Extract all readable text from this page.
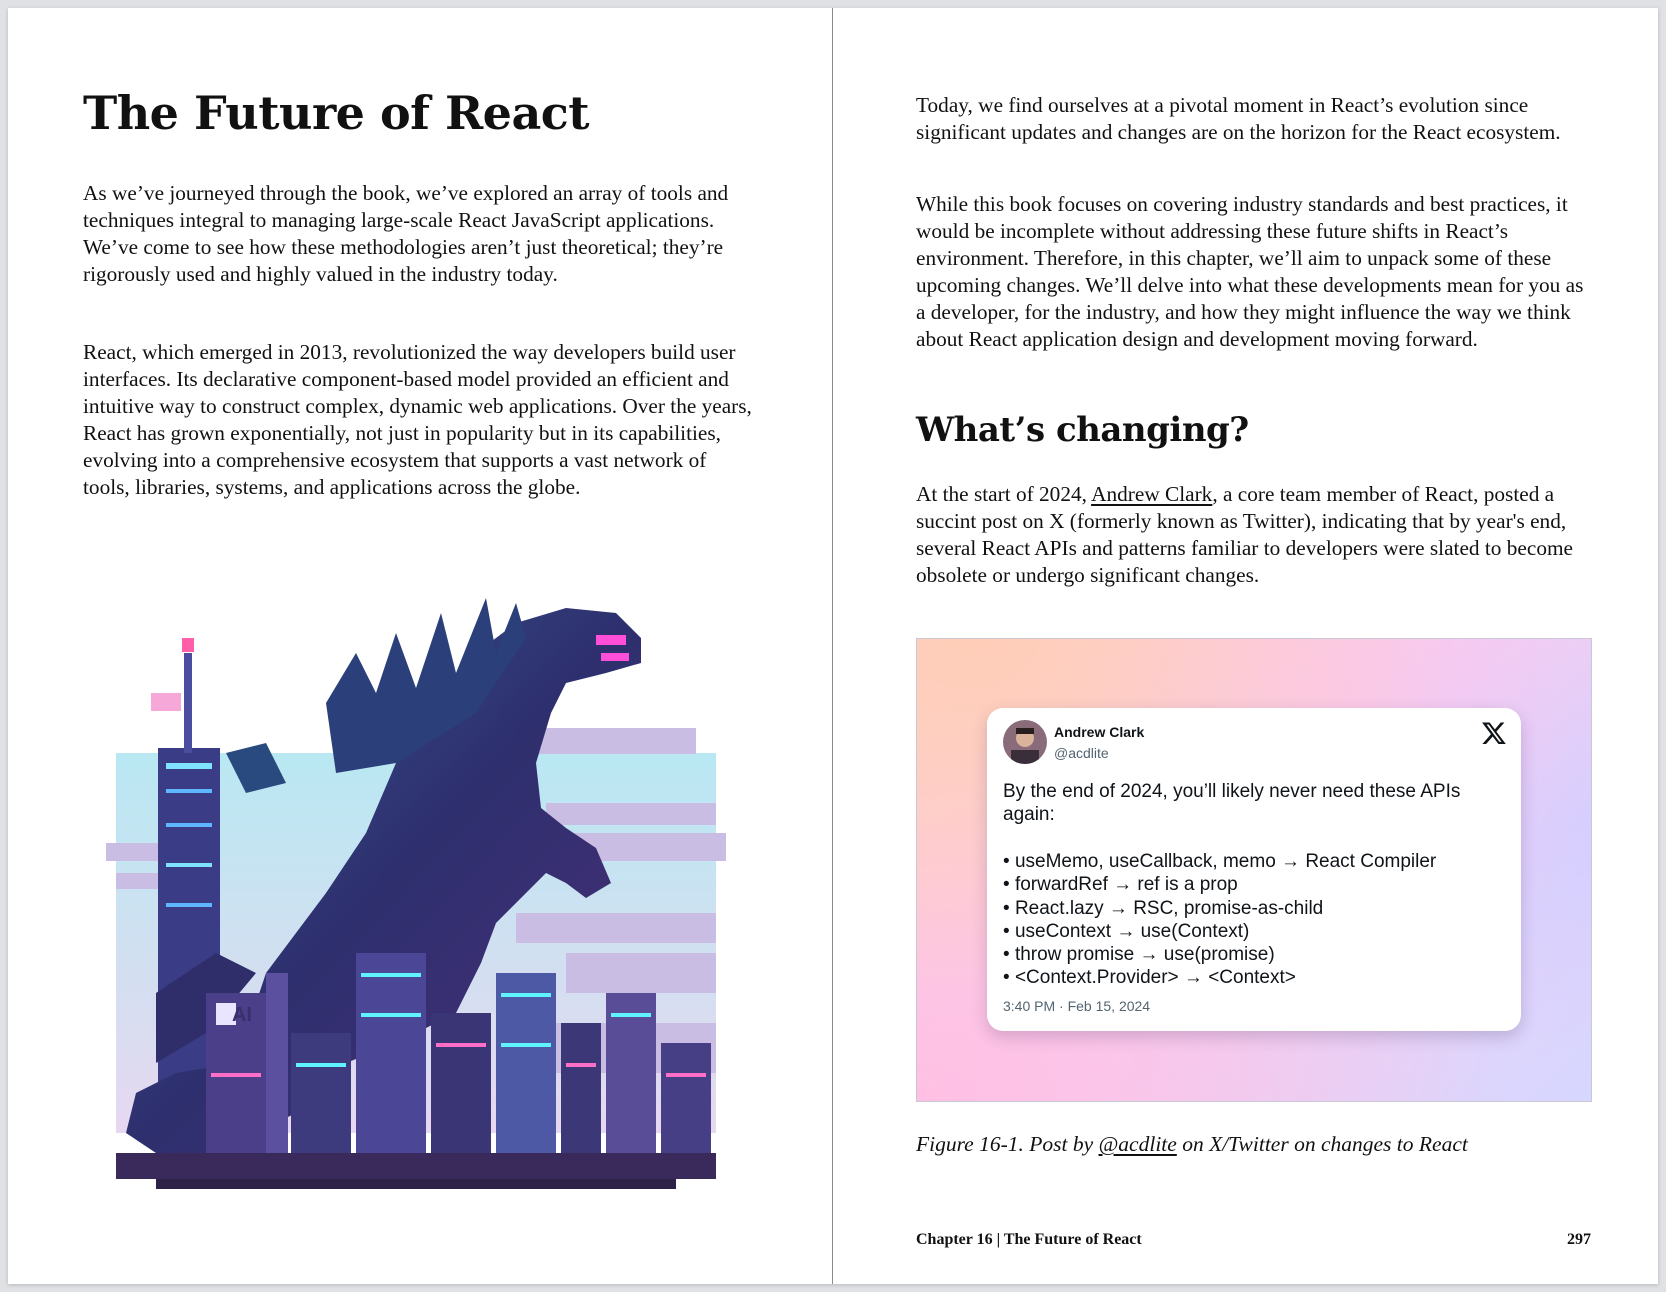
The Future of React

As we’ve journeyed through the book, we’ve explored an array of tools and techniques integral to managing large-scale React JavaScript applications. We’ve come to see how these methodologies aren’t just theoretical; they’re rigorously used and highly valued in the industry today.

React, which emerged in 2013, revolutionized the way developers build user interfaces. Its declarative component-based model provided an efficient and intuitive way to construct complex, dynamic web applications. Over the years, React has grown exponentially, not just in popularity but in its capabilities, evolving into a comprehensive ecosystem that supports a vast network of tools, libraries, systems, and applications across the globe.

AI

Today, we find ourselves at a pivotal moment in React’s evolution since significant updates and changes are on the horizon for the React ecosystem.

While this book focuses on covering industry standards and best practices, it would be incomplete without addressing these future shifts in React’s environment. Therefore, in this chapter, we’ll aim to unpack some of these upcoming changes. We’ll delve into what these developments mean for you as a developer, for the industry, and how they might influence the way we think about React application design and development moving forward.

What’s changing?

At the start of 2024, Andrew Clark, a core team member of React, posted a succint post on X (formerly known as Twitter), indicating that by year's end, several React APIs and patterns familiar to developers were slated to become obsolete or undergo significant changes.

Andrew Clark
@acdlite

By the end of 2024, you’ll likely never need these APIs again:

• useMemo, useCallback, memo → React Compiler
• forwardRef → ref is a prop
• React.lazy → RSC, promise-as-child
• useContext → use(Context)
• throw promise → use(promise)
• <Context.Provider> → <Context>
3:40 PM · Feb 15, 2024

Figure 16-1. Post by @acdlite on X/Twitter on changes to React

Chapter 16 | The Future of React	297
